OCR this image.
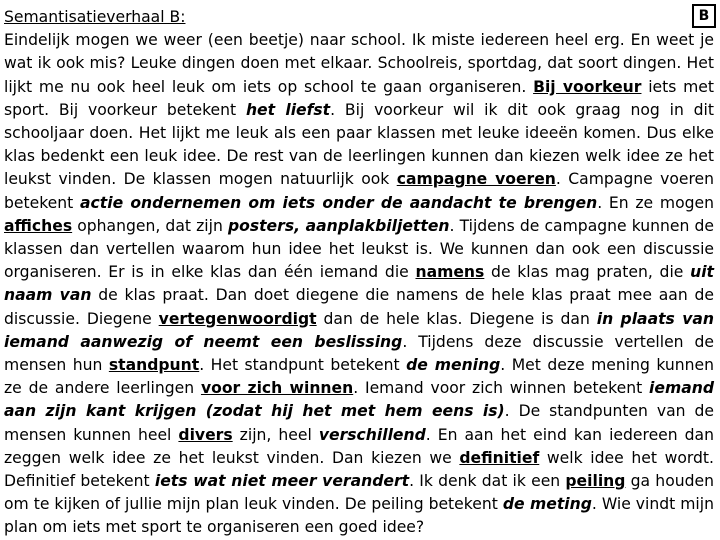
B
Semantisatieverhaal B:
Eindelijk mogen we weer (een beetje) naar school. Ik miste iedereen heel erg. En weet je wat ik ook mis? Leuke dingen doen met elkaar. Schoolreis, sportdag, dat soort dingen. Het lijkt me nu ook heel leuk om iets op school te gaan organiseren. Bij voorkeur iets met sport. Bij voorkeur betekent het liefst. Bij voorkeur wil ik dit ook graag nog in dit schooljaar doen. Het lijkt me leuk als een paar klassen met leuke ideeën komen. Dus elke klas bedenkt een leuk idee. De rest van de leerlingen kunnen dan kiezen welk idee ze het leukst vinden. De klassen mogen natuurlijk ook campagne voeren. Campagne voeren betekent actie ondernemen om iets onder de aandacht te brengen. En ze mogen affiches ophangen, dat zijn posters, aanplakbiljetten. Tijdens de campagne kunnen de klassen dan vertellen waarom hun idee het leukst is. We kunnen dan ook een discussie organiseren. Er is in elke klas dan één iemand die namens de klas mag praten, die uit naam van de klas praat. Dan doet diegene die namens de hele klas praat mee aan de discussie. Diegene vertegenwoordigt dan de hele klas. Diegene is dan in plaats van iemand aanwezig of neemt een beslissing. Tijdens deze discussie vertellen de mensen hun standpunt. Het standpunt betekent de mening. Met deze mening kunnen ze de andere leerlingen voor zich winnen. Iemand voor zich winnen betekent iemand aan zijn kant krijgen (zodat hij het met hem eens is). De standpunten van de mensen kunnen heel divers zijn, heel verschillend. En aan het eind kan iedereen dan zeggen welk idee ze het leukst vinden. Dan kiezen we definitief welk idee het wordt. Definitief betekent iets wat niet meer verandert. Ik denk dat ik een peiling ga houden om te kijken of jullie mijn plan leuk vinden. De peiling betekent de meting. Wie vindt mijn plan om iets met sport te organiseren een goed idee?
